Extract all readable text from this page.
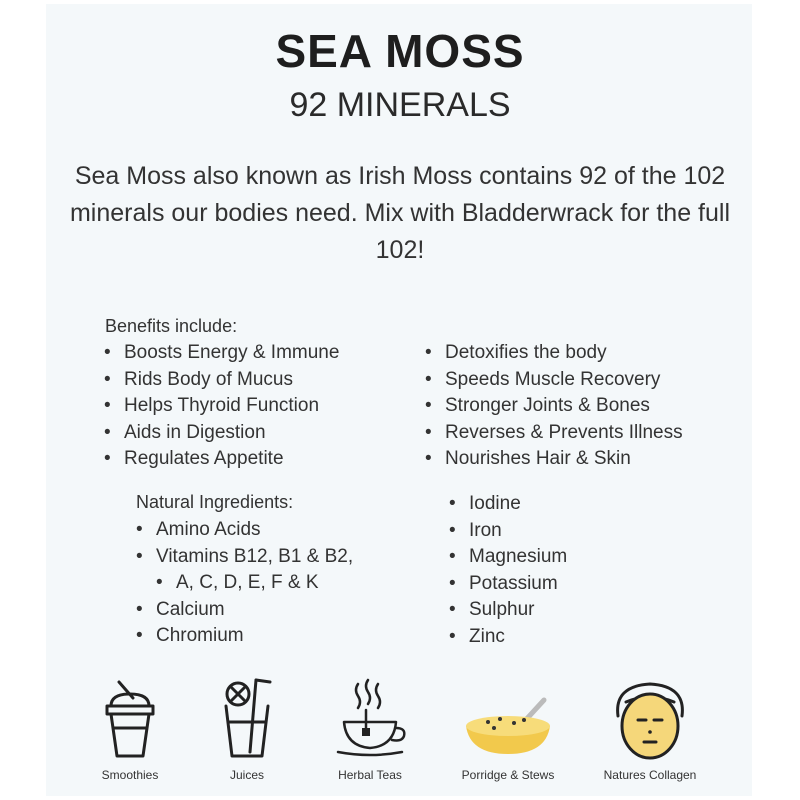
SEA MOSS
92 MINERALS
Sea Moss also known as Irish Moss contains 92 of the 102 minerals our bodies need. Mix with Bladderwrack for the full 102!
Benefits include:
• Boosts Energy & Immune
• Rids Body of Mucus
• Helps Thyroid Function
• Aids in Digestion
• Regulates Appetite
• Detoxifies the body
• Speeds Muscle Recovery
• Stronger Joints & Bones
• Reverses & Prevents Illness
• Nourishes Hair & Skin
Natural Ingredients:
• Amino Acids
• Vitamins B12, B1 & B2,
• A, C, D, E, F & K
• Calcium
• Chromium
• Iodine
• Iron
• Magnesium
• Potassium
• Sulphur
• Zinc
Smoothies	Juices	Herbal Teas	Porridge & Stews	Natures Collagen
